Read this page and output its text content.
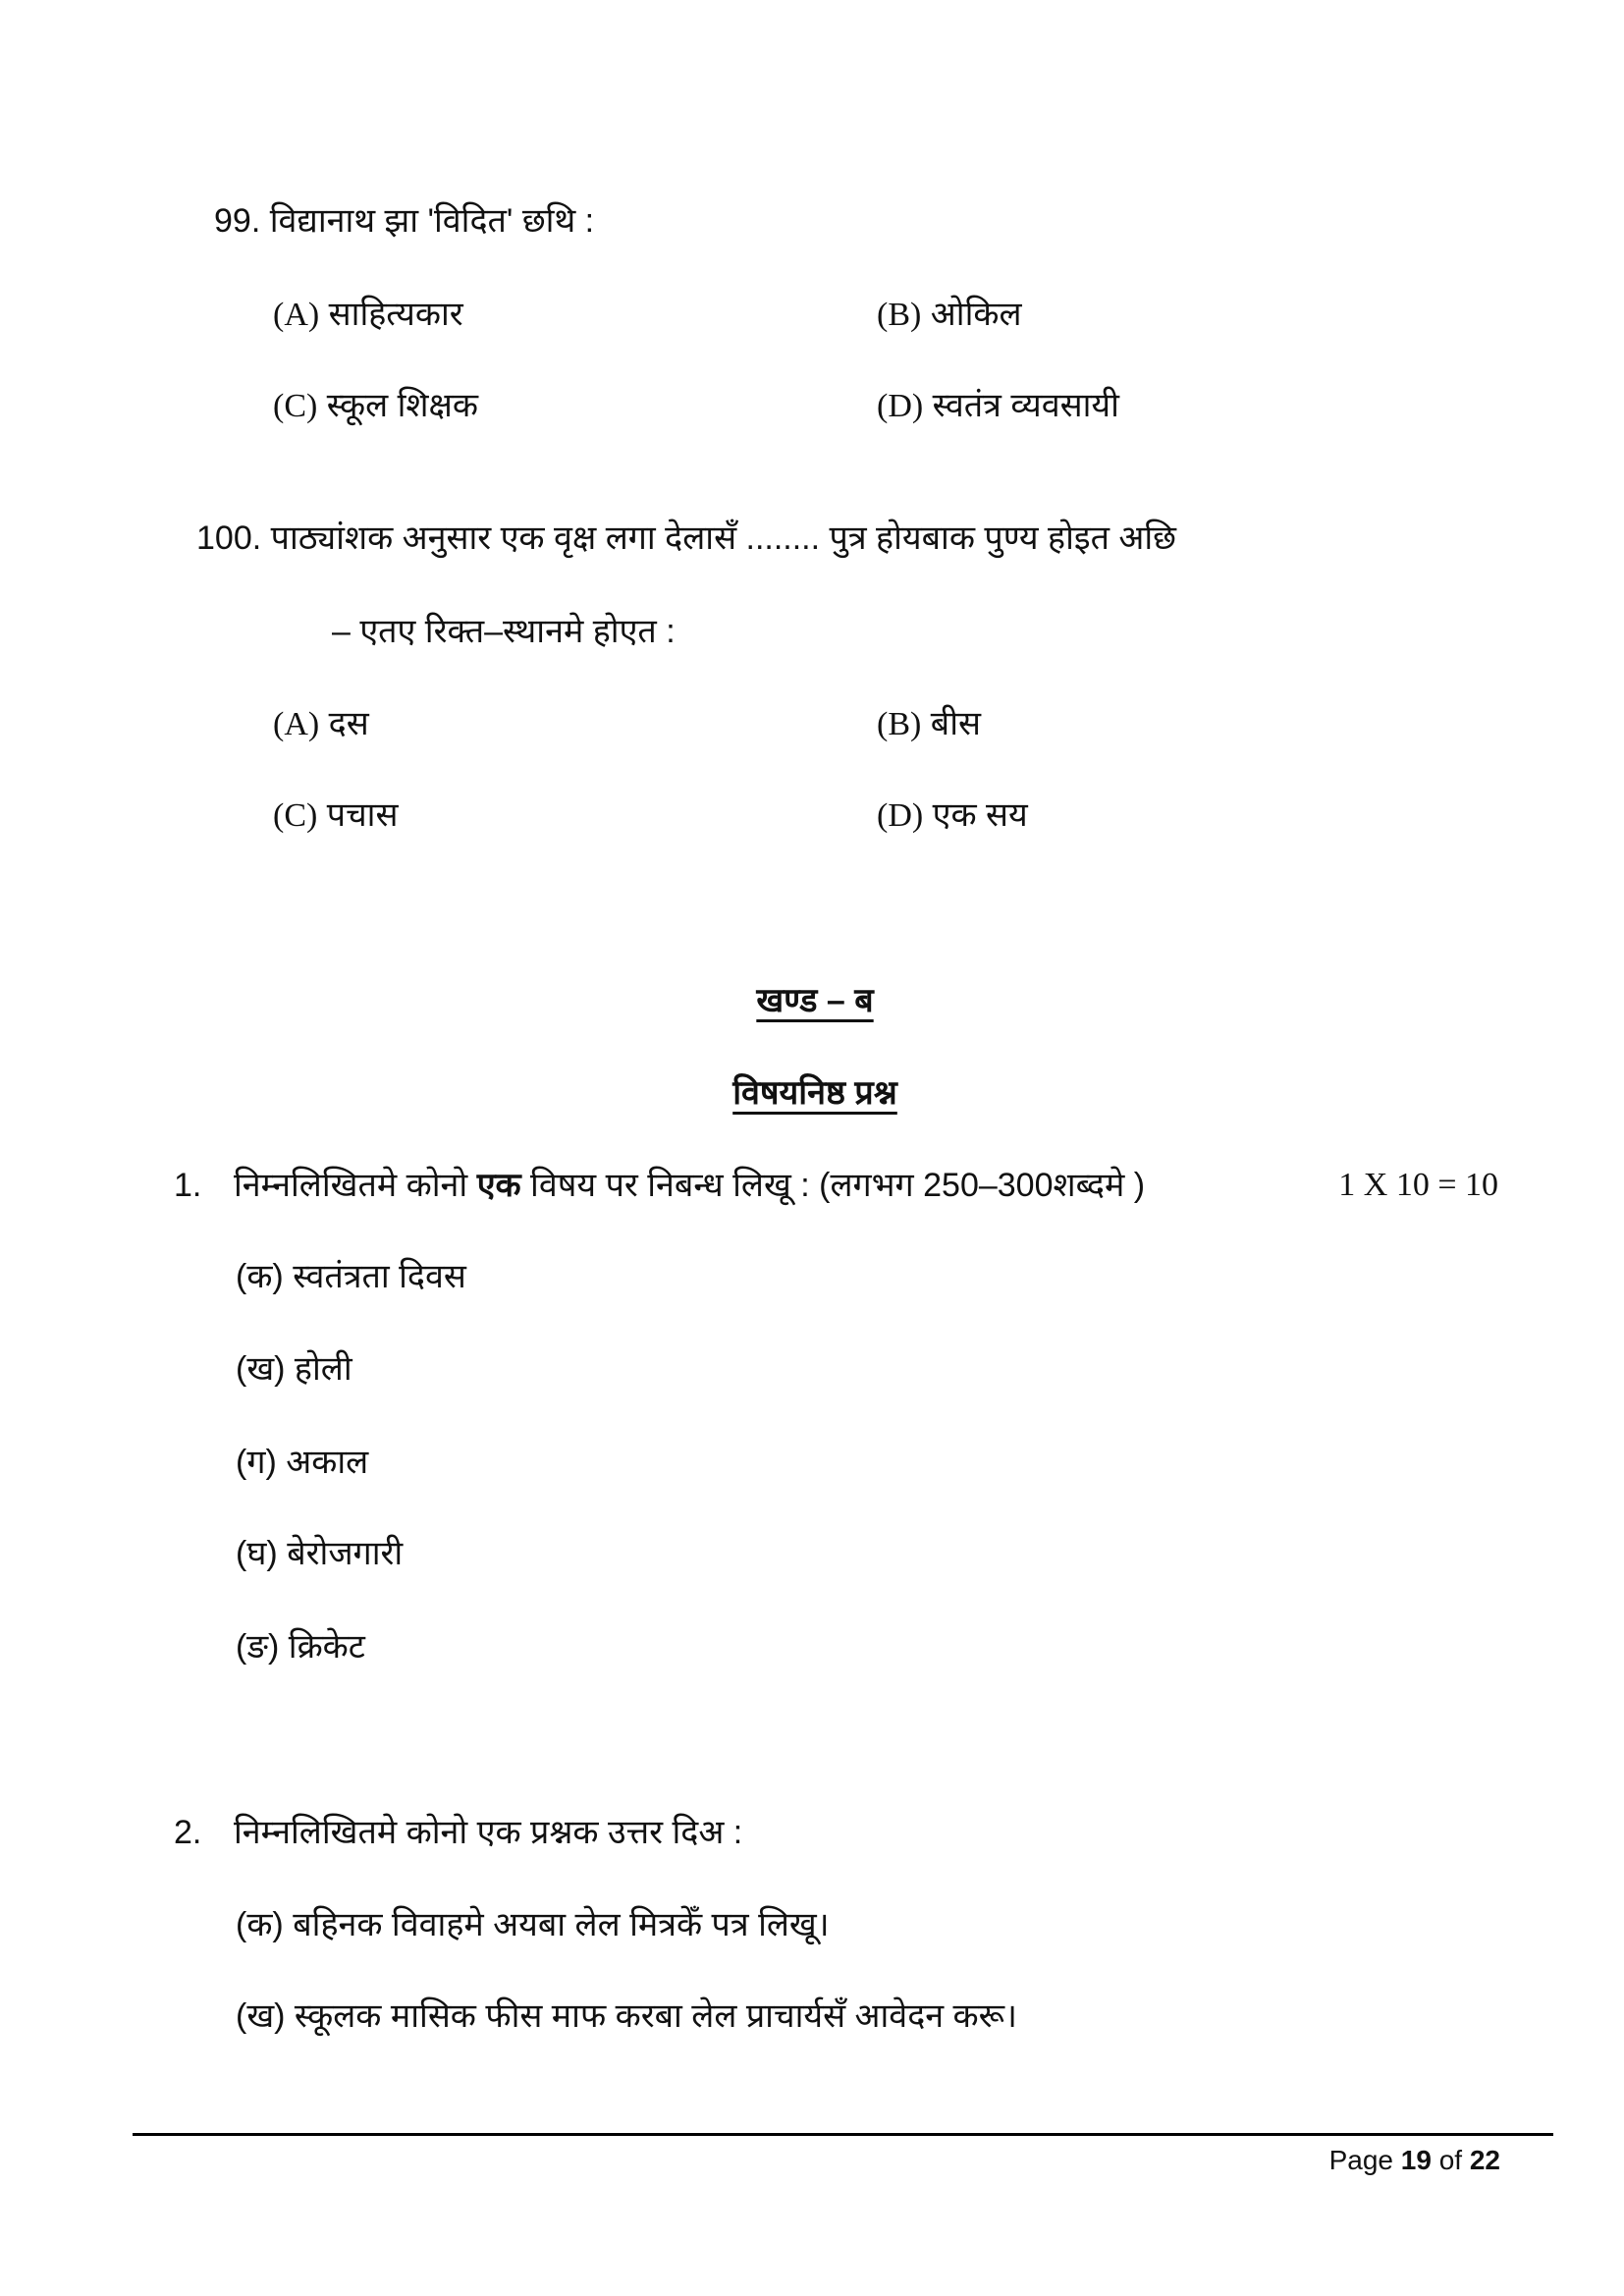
99. विद्यानाथ झा 'विदित' छथि :
(A) साहित्यकार	(B) ओकिल
(C) स्कूल शिक्षक	(D) स्वतंत्र व्यवसायी
100. पाठ्यांशक अनुसार एक वृक्ष लगा देलासँ ........ पुत्र होयबाक पुण्य होइत अछि
– एतए रिक्त–स्थानमे होएत :
(A) दस	(B) बीस
(C) पचास	(D) एक सय
खण्ड – ब
विषयनिष्ठ प्रश्न
1. निम्नलिखितमे कोनो एक विषय पर निबन्ध लिखू : (लगभग 250–300शब्दमे )	1 X 10 = 10
(क) स्वतंत्रता दिवस
(ख) होली
(ग) अकाल
(घ) बेरोजगारी
(ङ) क्रिकेट
2. निम्नलिखितमे कोनो एक प्रश्नक उत्तर दिअ :
(क) बहिनक विवाहमे अयबा लेल मित्रकेँ पत्र लिखू।
(ख) स्कूलक मासिक फीस माफ करबा लेल प्राचार्यसँ आवेदन करू।
Page 19 of 22
